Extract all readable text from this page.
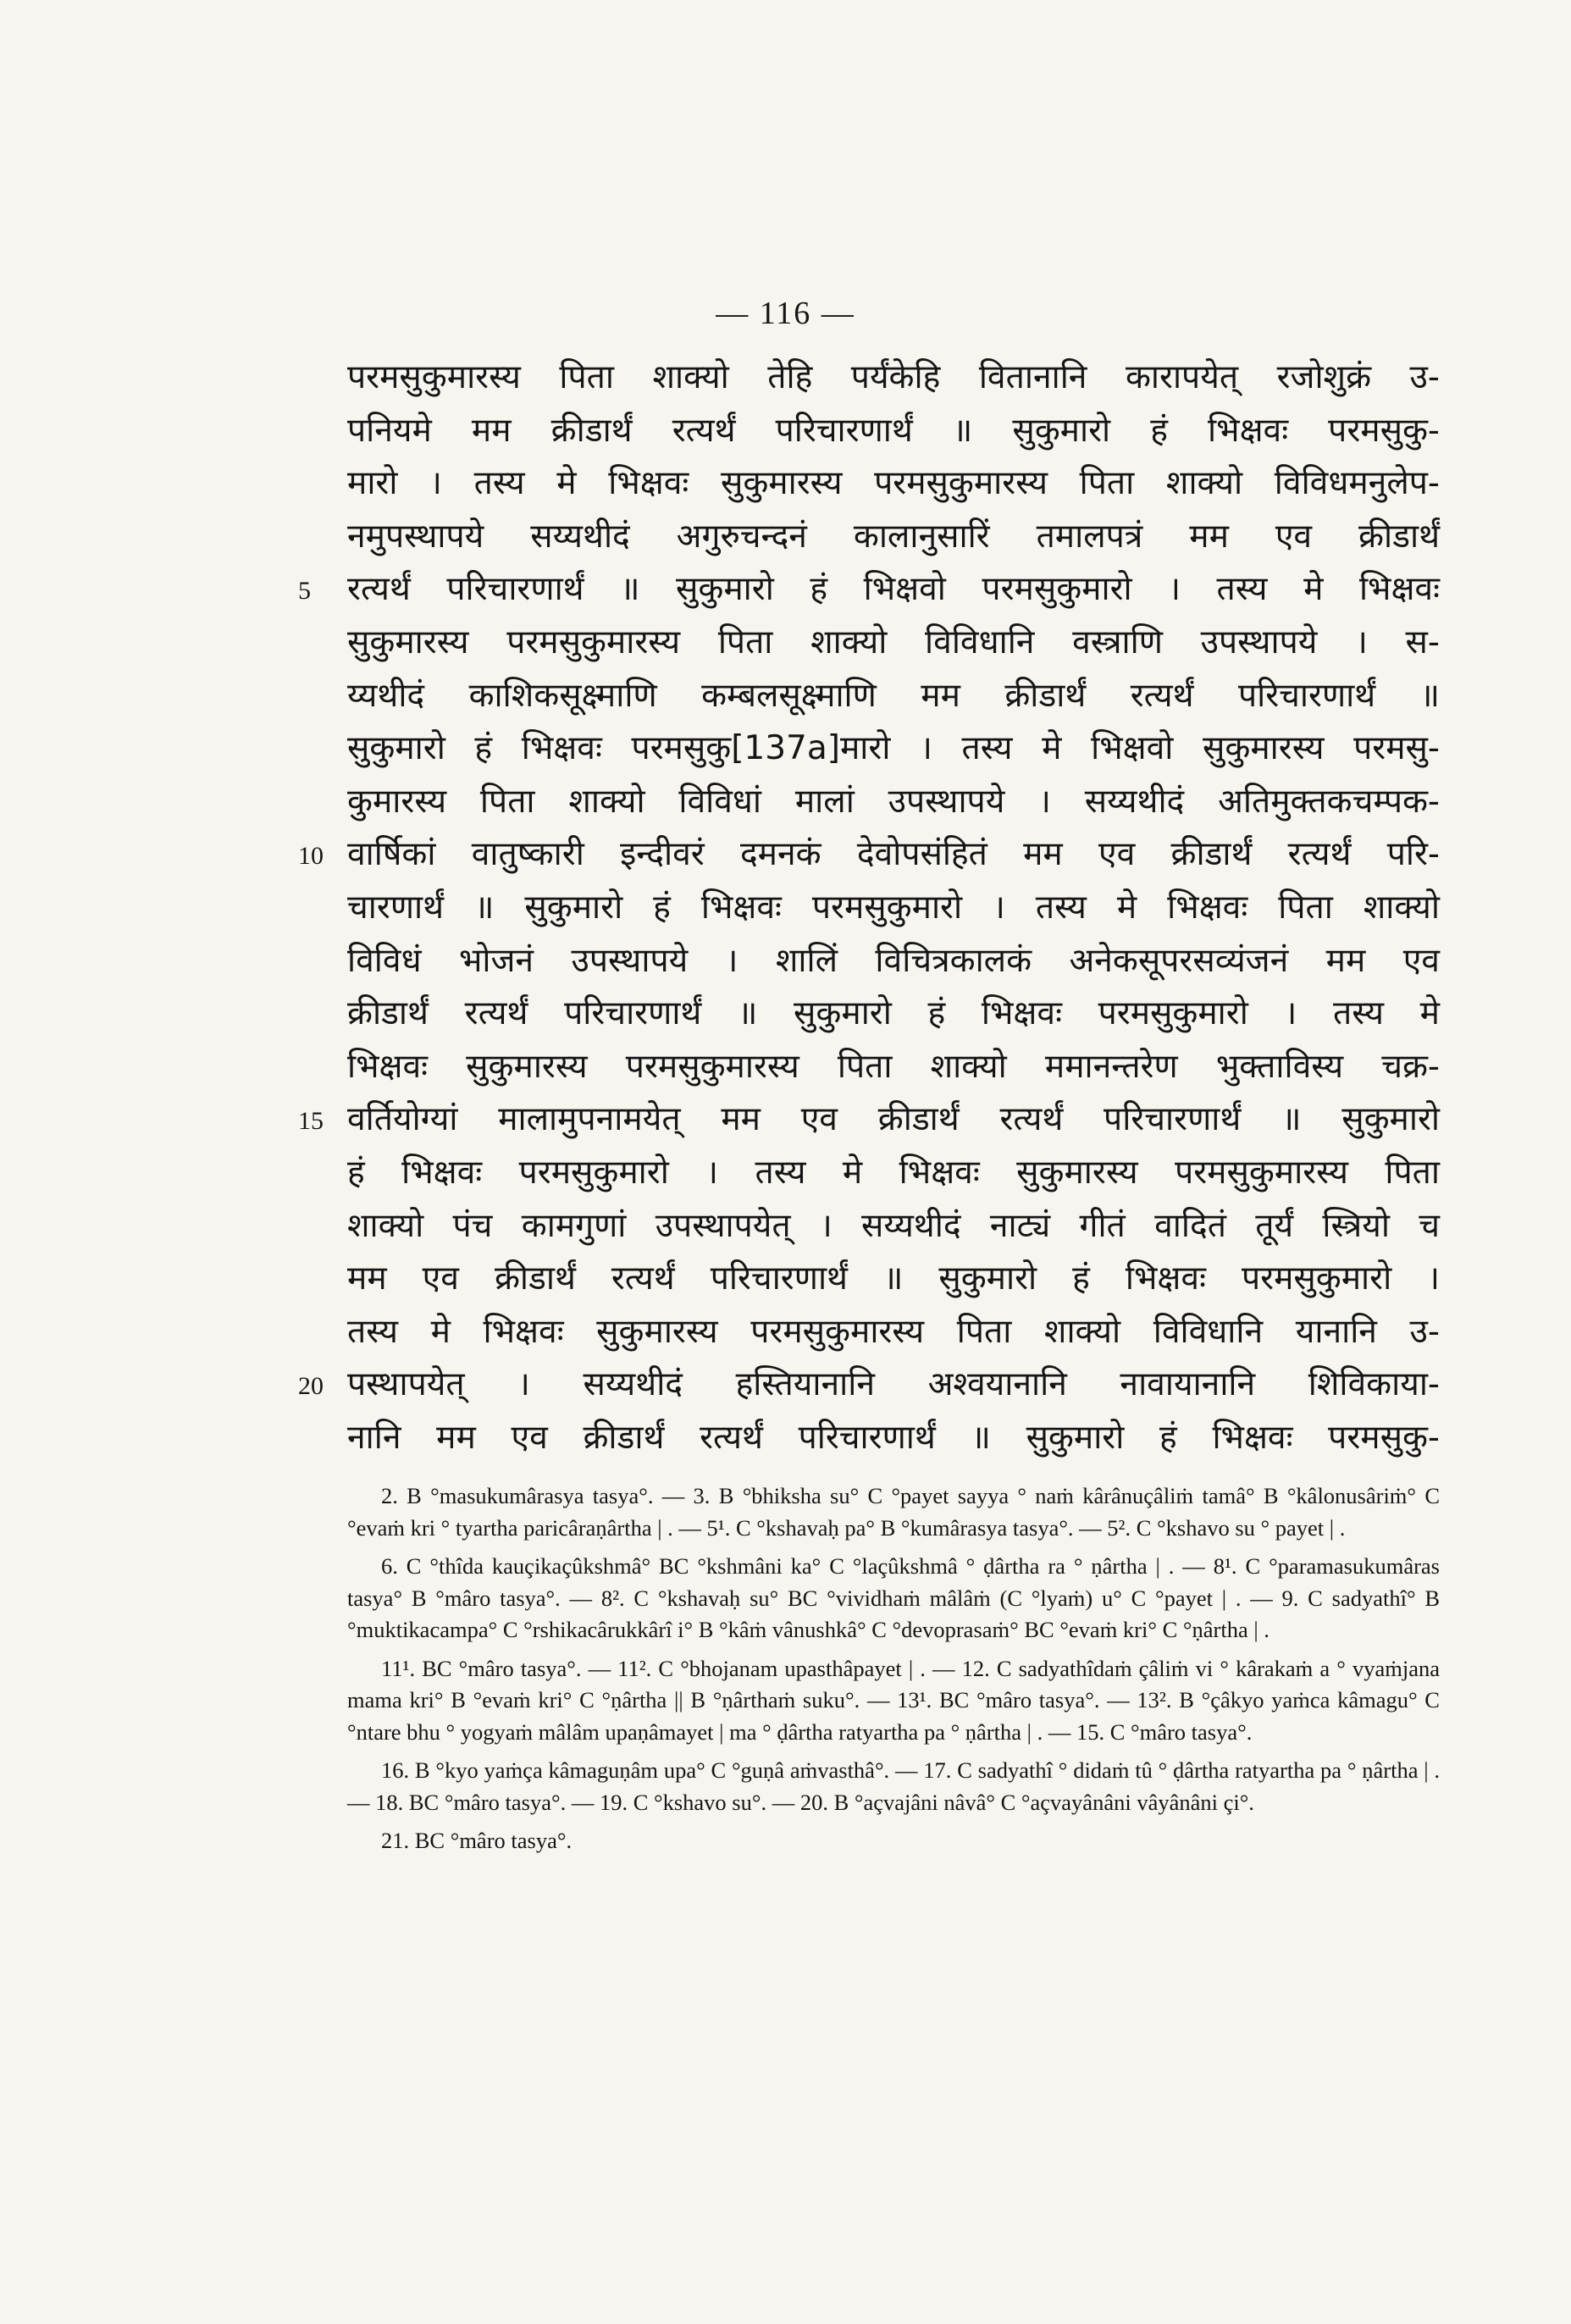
— 116 —
परमसुकुमारस्य पिता शाक्यो तेहि पर्यंकेहि वितानानि कारापयेत् रजोशुक्रं उ-
पनियमे मम क्रीडार्थं रत्यर्थं परिचारणार्थं ॥ सुकुमारो हं भिक्षवः परमसुकु-
मारो । तस्य मे भिक्षवः सुकुमारस्य परमसुकुमारस्य पिता शाक्यो विविधमनुलेप-
नमुपस्थापये सय्यथीदं अगुरुचन्दनं कालानुसारिं तमालपत्रं मम एव क्रीडार्थं
5	रत्यर्थं परिचारणार्थं ॥ सुकुमारो हं भिक्षवो परमसुकुमारो । तस्य मे भिक्षवः
सुकुमारस्य परमसुकुमारस्य पिता शाक्यो विविधानि वस्त्राणि उपस्थापये । स-
य्यथीदं काशिकसूक्ष्माणि कम्बलसूक्ष्माणि मम क्रीडार्थं रत्यर्थं परिचारणार्थं ॥
सुकुमारो हं भिक्षवः परमसुकु[137a]मारो । तस्य मे भिक्षवो सुकुमारस्य परमसु-
कुमारस्य पिता शाक्यो विविधां मालां उपस्थापये । सय्यथीदं अतिमुक्तकचम्पक-
10 वार्षिकां वातुष्कारी इन्दीवरं दमनकं देवोपसंहितं मम एव क्रीडार्थं रत्यर्थं परि-
चारणार्थं ॥ सुकुमारो हं भिक्षवः परमसुकुमारो । तस्य मे भिक्षवः पिता शाक्यो
विविधं भोजनं उपस्थापये । शालिं विचित्रकालकं अनेकसूपरसव्यंजनं मम एव
क्रीडार्थं रत्यर्थं परिचारणार्थं ॥ सुकुमारो हं भिक्षवः परमसुकुमारो । तस्य मे
भिक्षवः सुकुमारस्य परमसुकुमारस्य पिता शाक्यो ममानन्तरेण भुक्ताविस्य चक्र-
15 वर्तियोग्यां मालामुपनामयेत् मम एव क्रीडार्थं रत्यर्थं परिचारणार्थं ॥ सुकुमारो
हं भिक्षवः परमसुकुमारो । तस्य मे भिक्षवः सुकुमारस्य परमसुकुमारस्य पिता
शाक्यो पंच कामगुणां उपस्थापयेत् । सय्यथीदं नाट्यं गीतं वादितं तूर्यं स्त्रियो च
मम एव क्रीडार्थं रत्यर्थं परिचारणार्थं ॥ सुकुमारो हं भिक्षवः परमसुकुमारो ।
तस्य मे भिक्षवः सुकुमारस्य परमसुकुमारस्य पिता शाक्यो विविधानि यानानि उ-
20 पस्थापयेत् । सय्यथीदं हस्तियानानि अश्वयानानि नावायानानि शिविकाया-
नानि मम एव क्रीडार्थं रत्यर्थं परिचारणार्थं ॥ सुकुमारो हं भिक्षवः परमसुकु-

2. B °masukumârasya tasya°. — 3. B °bhiksha su° C °payet sayya ° naṁ kârânuçâliṁ tamâ° B °kâlonusâriṁ° C °evaṁ kri ° tyartha paricâraṇârtha | . — 5¹. C °kshavaḥ pa° B °kumârasya tasya°. — 5². C °kshavo su ° payet | .

6. C °thîda kauçikaçûkshmâ° BC °kshmâni ka° C °laçûkshmâ ° ḍârtha ra ° ṇârtha | . — 8¹. C °paramasukumâras tasya° B °mâro tasya°. — 8². C °kshavaḥ su° BC °vividhaṁ mâlâṁ (C °lyaṁ) u° C °payet | . — 9. C sadyathî° B °muktikacampa° C °rshikacârukkârî i° B °kâṁ vânushkâ° C °devoprasaṁ° BC °evaṁ kri° C °ṇârtha | .

11¹. BC °mâro tasya°. — 11². C °bhojanam upasthâpayet | . — 12. C sadyathîdaṁ çâliṁ vi ° kârakaṁ a ° vyaṁjana mama kri° B °evaṁ kri° C °ṇârtha || B °ṇârthaṁ suku°. — 13¹. BC °mâro tasya°. — 13². B °çâkyo yaṁca kâmagu° C °ntare bhu ° yogyaṁ mâlâm upaṇâmayet | ma ° ḍârtha ratyartha pa ° ṇârtha | . — 15. C °mâro tasya°.

16. B °kyo yaṁça kâmaguṇâm upa° C °guṇâ aṁvasthâ°. — 17. C sadyathî ° didaṁ tû ° ḍârtha ratyartha pa ° ṇârtha | . — 18. BC °mâro tasya°. — 19. C °kshavo su°. — 20. B °açvajâni nâvâ° C °açvayânâni vâyânâni çi°.

21. BC °mâro tasya°.
